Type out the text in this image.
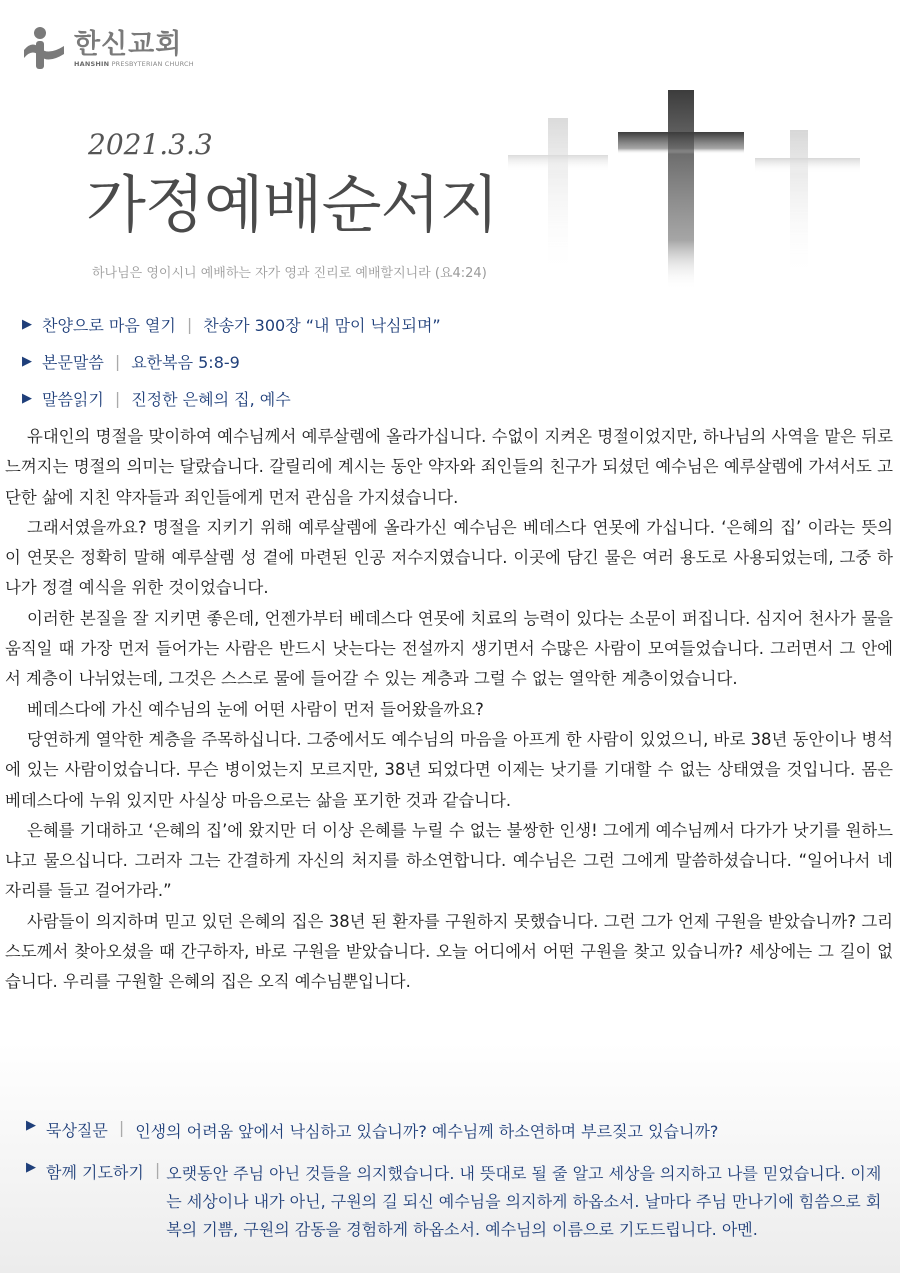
한신교회
HANSHIN PRESBYTERIAN CHURCH
2021.3.3
가정예배순서지
하나님은 영이시니 예배하는 자가 영과 진리로 예배할지니라 (요4:24)
▶ 찬양으로 마음 열기 | 찬송가 300장 “내 맘이 낙심되며”
▶ 본문말씀 | 요한복음 5:8-9
▶ 말씀읽기 | 진정한 은혜의 집, 예수

유대인의 명절을 맞이하여 예수님께서 예루살렘에 올라가십니다. 수없이 지켜온 명절이었지만, 하나님의 사역을 맡은 뒤로 느껴지는 명절의 의미는 달랐습니다. 갈릴리에 계시는 동안 약자와 죄인들의 친구가 되셨던 예수님은 예루살렘에 가셔서도 고단한 삶에 지친 약자들과 죄인들에게 먼저 관심을 가지셨습니다.

그래서였을까요? 명절을 지키기 위해 예루살렘에 올라가신 예수님은 베데스다 연못에 가십니다. ‘은혜의 집’ 이라는 뜻의 이 연못은 정확히 말해 예루살렘 성 곁에 마련된 인공 저수지였습니다. 이곳에 담긴 물은 여러 용도로 사용되었는데, 그중 하나가 정결 예식을 위한 것이었습니다.

이러한 본질을 잘 지키면 좋은데, 언젠가부터 베데스다 연못에 치료의 능력이 있다는 소문이 퍼집니다. 심지어 천사가 물을 움직일 때 가장 먼저 들어가는 사람은 반드시 낫는다는 전설까지 생기면서 수많은 사람이 모여들었습니다. 그러면서 그 안에서 계층이 나뉘었는데, 그것은 스스로 물에 들어갈 수 있는 계층과 그럴 수 없는 열악한 계층이었습니다.

베데스다에 가신 예수님의 눈에 어떤 사람이 먼저 들어왔을까요?

당연하게 열악한 계층을 주목하십니다. 그중에서도 예수님의 마음을 아프게 한 사람이 있었으니, 바로 38년 동안이나 병석에 있는 사람이었습니다. 무슨 병이었는지 모르지만, 38년 되었다면 이제는 낫기를 기대할 수 없는 상태였을 것입니다. 몸은 베데스다에 누워 있지만 사실상 마음으로는 삶을 포기한 것과 같습니다.

은혜를 기대하고 ‘은혜의 집’에 왔지만 더 이상 은혜를 누릴 수 없는 불쌍한 인생! 그에게 예수님께서 다가가 낫기를 원하느냐고 물으십니다. 그러자 그는 간결하게 자신의 처지를 하소연합니다. 예수님은 그런 그에게 말씀하셨습니다. “일어나서 네 자리를 들고 걸어가라.”

사람들이 의지하며 믿고 있던 은혜의 집은 38년 된 환자를 구원하지 못했습니다. 그런 그가 언제 구원을 받았습니까? 그리스도께서 찾아오셨을 때 간구하자, 바로 구원을 받았습니다. 오늘 어디에서 어떤 구원을 찾고 있습니까? 세상에는 그 길이 없습니다. 우리를 구원할 은혜의 집은 오직 예수님뿐입니다.

▶ 묵상질문 | 인생의 어려움 앞에서 낙심하고 있습니까? 예수님께 하소연하며 부르짖고 있습니까?
▶ 함께 기도하기 | 오랫동안 주님 아닌 것들을 의지했습니다. 내 뜻대로 될 줄 알고 세상을 의지하고 나를 믿었습니다. 이제는 세상이나 내가 아닌, 구원의 길 되신 예수님을 의지하게 하옵소서. 날마다 주님 만나기에 힘씀으로 회복의 기쁨, 구원의 감동을 경험하게 하옵소서. 예수님의 이름으로 기도드립니다. 아멘.
